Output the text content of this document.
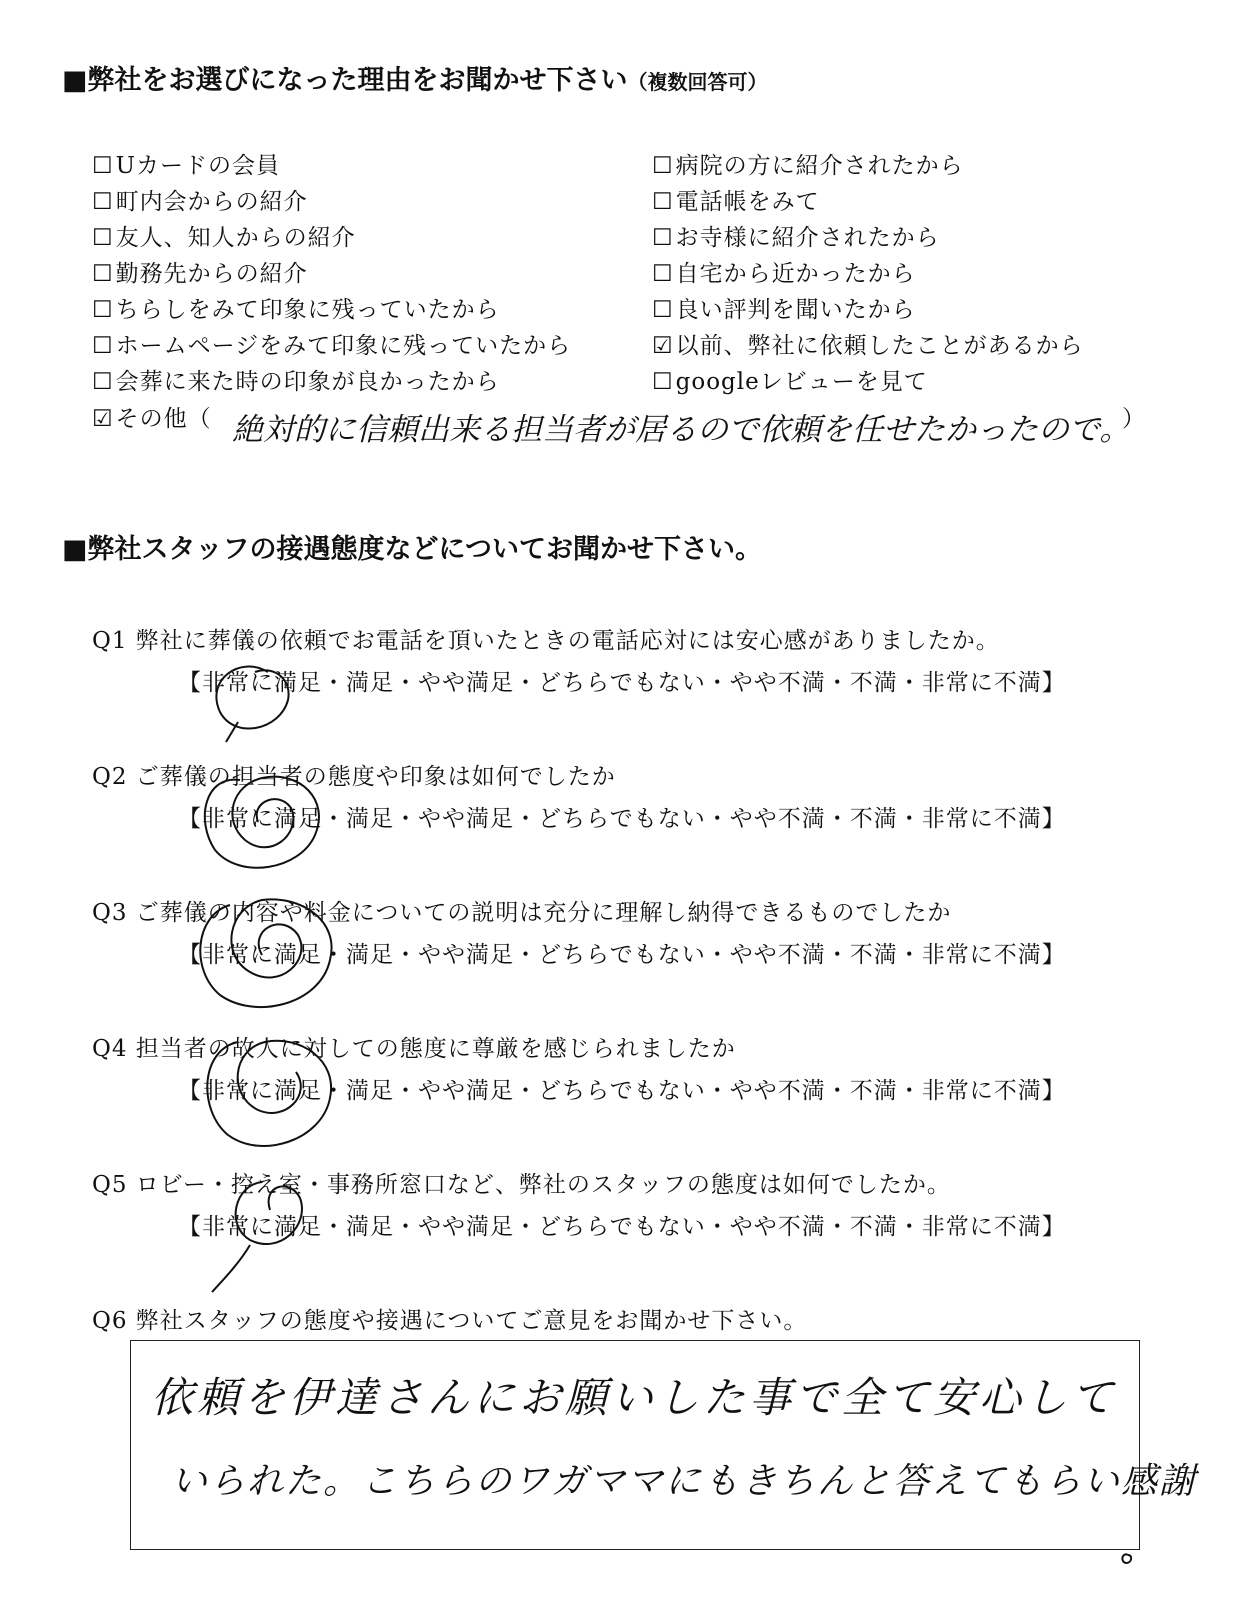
■弊社をお選びになった理由をお聞かせ下さい（複数回答可）
☐Uカードの会員
☐町内会からの紹介
☐友人、知人からの紹介
☐勤務先からの紹介
☐ちらしをみて印象に残っていたから
☐ホームページをみて印象に残っていたから
☐会葬に来た時の印象が良かったから
☐病院の方に紹介されたから
☐電話帳をみて
☐お寺様に紹介されたから
☐自宅から近かったから
☐良い評判を聞いたから
☑以前、弊社に依頼したことがあるから
☐googleレビューを見て
☑その他（ 絶対的に信頼出来る担当者が居るので依頼を任せたかったので。
）
■弊社スタッフの接遇態度などについてお聞かせ下さい。
Q1 弊社に葬儀の依頼でお電話を頂いたときの電話応対には安心感がありましたか。
【非常に満足・満足・やや満足・どちらでもない・やや不満・不満・非常に不満】
Q2 ご葬儀の担当者の態度や印象は如何でしたか
【非常に満足・満足・やや満足・どちらでもない・やや不満・不満・非常に不満】
Q3 ご葬儀の内容や料金についての説明は充分に理解し納得できるものでしたか
【非常に満足・満足・やや満足・どちらでもない・やや不満・不満・非常に不満】
Q4 担当者の故人に対しての態度に尊厳を感じられましたか
【非常に満足・満足・やや満足・どちらでもない・やや不満・不満・非常に不満】
Q5 ロビー・控え室・事務所窓口など、弊社のスタッフの態度は如何でしたか。
【非常に満足・満足・やや満足・どちらでもない・やや不満・不満・非常に不満】
Q6 弊社スタッフの態度や接遇についてご意見をお聞かせ下さい。
依頼を伊達さんにお願いした事で全て安心して
いられた。こちらのワガママにもきちんと答えてもらい感謝
